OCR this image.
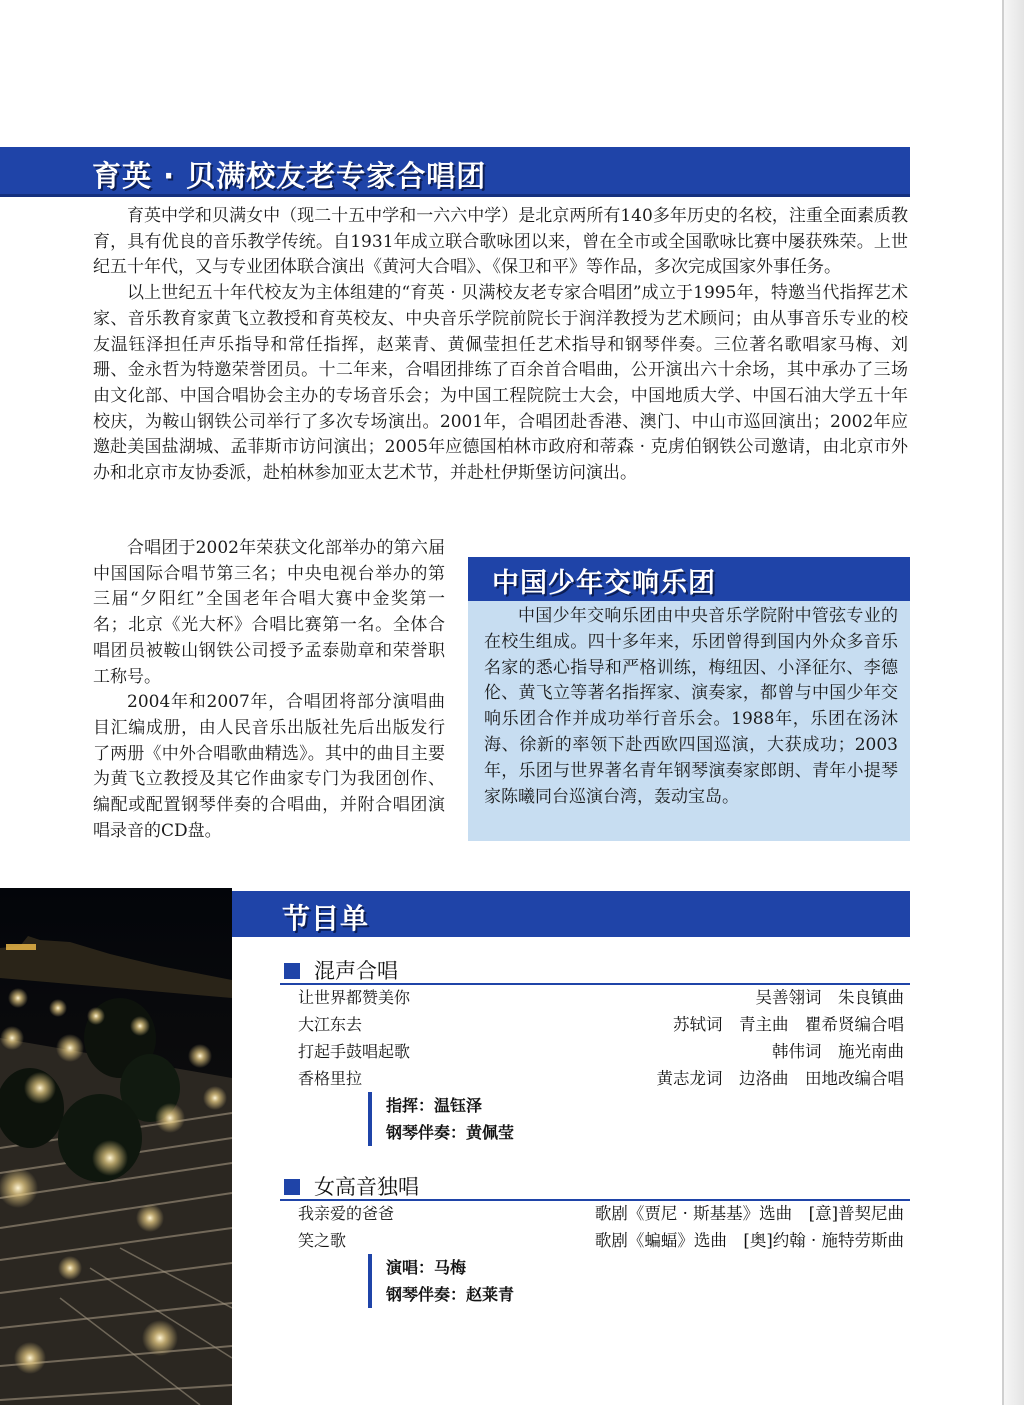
育英 · 贝满校友老专家合唱团

育英中学和贝满女中（现二十五中学和一六六中学）是北京两所有140多年历史的名校，注重全面素质教育，具有优良的音乐教学传统。自1931年成立联合歌咏团以来，曾在全市或全国歌咏比赛中屡获殊荣。上世纪五十年代，又与专业团体联合演出《黄河大合唱》、《保卫和平》等作品，多次完成国家外事任务。

以上世纪五十年代校友为主体组建的“育英 · 贝满校友老专家合唱团”成立于1995年，特邀当代指挥艺术家、音乐教育家黄飞立教授和育英校友、中央音乐学院前院长于润洋教授为艺术顾问；由从事音乐专业的校友温钰泽担任声乐指导和常任指挥，赵莱青、黄佩莹担任艺术指导和钢琴伴奏。三位著名歌唱家马梅、刘珊、金永哲为特邀荣誉团员。十二年来，合唱团排练了百余首合唱曲，公开演出六十余场，其中承办了三场由文化部、中国合唱协会主办的专场音乐会；为中国工程院院士大会，中国地质大学、中国石油大学五十年校庆，为鞍山钢铁公司举行了多次专场演出。2001年，合唱团赴香港、澳门、中山市巡回演出；2002年应邀赴美国盐湖城、孟菲斯市访问演出；2005年应德国柏林市政府和蒂森 · 克虏伯钢铁公司邀请，由北京市外办和北京市友协委派，赴柏林参加亚太艺术节，并赴杜伊斯堡访问演出。

合唱团于2002年荣获文化部举办的第六届中国国际合唱节第三名；中央电视台举办的第三届“夕阳红”全国老年合唱大赛中金奖第一名；北京《光大杯》合唱比赛第一名。全体合唱团员被鞍山钢铁公司授予孟泰勋章和荣誉职工称号。

2004年和2007年，合唱团将部分演唱曲目汇编成册，由人民音乐出版社先后出版发行了两册《中外合唱歌曲精选》。其中的曲目主要为黄飞立教授及其它作曲家专门为我团创作、编配或配置钢琴伴奏的合唱曲，并附合唱团演唱录音的CD盘。

中国少年交响乐团

中国少年交响乐团由中央音乐学院附中管弦专业的在校生组成。四十多年来，乐团曾得到国内外众多音乐名家的悉心指导和严格训练，梅纽因、小泽征尔、李德伦、黄飞立等著名指挥家、演奏家，都曾与中国少年交响乐团合作并成功举行音乐会。1988年，乐团在汤沐海、徐新的率领下赴西欧四国巡演，大获成功；2003年，乐团与世界著名青年钢琴演奏家郎朗、青年小提琴家陈曦同台巡演台湾，轰动宝岛。

节目单
混声合唱
让世界都赞美你	吴善翎词　朱良镇曲
大江东去	苏轼词　青主曲　瞿希贤编合唱
打起手鼓唱起歌	韩伟词　施光南曲
香格里拉	黄志龙词　边洛曲　田地改编合唱
指挥：温钰泽
钢琴伴奏：黄佩莹
女高音独唱
我亲爱的爸爸	歌剧《贾尼 · 斯基基》选曲　[意]普契尼曲
笑之歌	歌剧《蝙蝠》选曲　[奥]约翰 · 施特劳斯曲
演唱：马梅
钢琴伴奏：赵莱青
